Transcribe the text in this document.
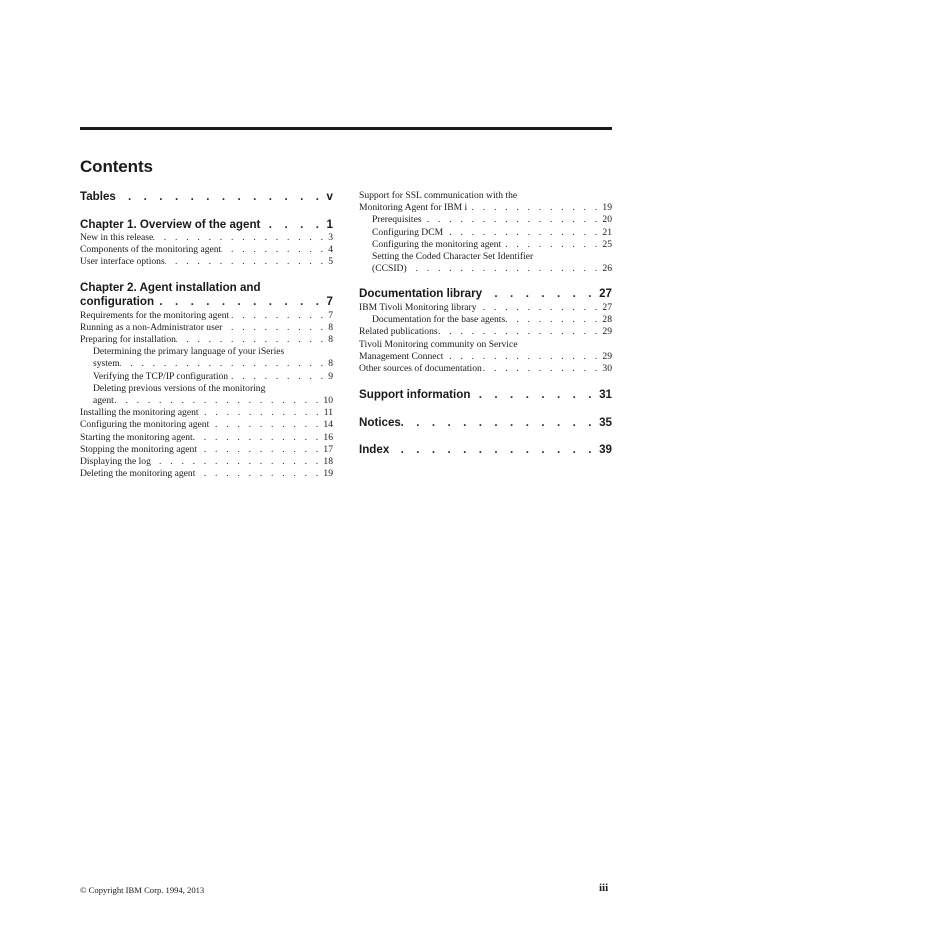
Contents
Tables . . .	v
Chapter 1. Overview of the agent . . .	1
New in this release . . .	3
Components of the monitoring agent . . .	4
User interface options . . .	5
Chapter 2. Agent installation and
configuration . . .	7
Requirements for the monitoring agent . . .	7
Running as a non-Administrator user . . .	8
Preparing for installation . . .	8
Determining the primary language of your iSeries
system . . .	8
Verifying the TCP/IP configuration . . .	9
Deleting previous versions of the monitoring
agent . . .	10
Installing the monitoring agent . . .	11
Configuring the monitoring agent . . .	14
Starting the monitoring agent . . .	16
Stopping the monitoring agent . . .	17
Displaying the log . . .	18
Deleting the monitoring agent . . .	19
Support for SSL communication with the
Monitoring Agent for IBM i . . .	19
Prerequisites . . .	20
Configuring DCM . . .	21
Configuring the monitoring agent . . .	25
Setting the Coded Character Set Identifier
(CCSID) . . .	26
Documentation library . . .	27
IBM Tivoli Monitoring library . . .	27
Documentation for the base agents . . .	28
Related publications . . .	29
Tivoli Monitoring community on Service
Management Connect . . .	29
Other sources of documentation . . .	30
Support information . . .	31
Notices . . .	35
Index . . .	39
© Copyright IBM Corp. 1994, 2013	iii
